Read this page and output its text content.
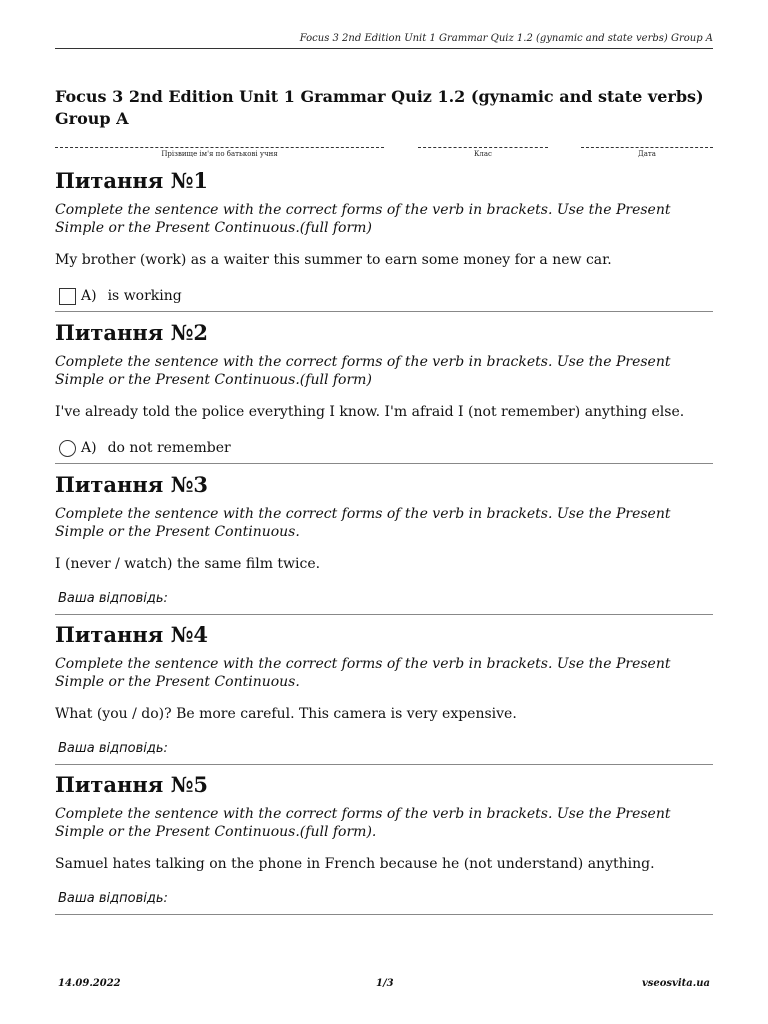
Focus 3 2nd Edition Unit 1 Grammar Quiz 1.2 (gynamic and state verbs) Group A
Focus 3 2nd Edition Unit 1 Grammar Quiz 1.2 (gynamic and state verbs) Group A
Прізвище ім'я по батькові учня	Клас	Дата
Питання №1

Complete the sentence with the correct forms of the verb in brackets. Use the Present Simple or the Present Continuous.(full form)

My brother (work) as a waiter this summer to earn some money for a new car.

A) is working
Питання №2

Complete the sentence with the correct forms of the verb in brackets. Use the Present Simple or the Present Continuous.(full form)

I've already told the police everything I know. I'm afraid I (not remember) anything else.

A) do not remember
Питання №3

Complete the sentence with the correct forms of the verb in brackets. Use the Present Simple or the Present Continuous.

I (never / watch) the same film twice.

Ваша відповідь:
Питання №4

Complete the sentence with the correct forms of the verb in brackets. Use the Present Simple or the Present Continuous.

What (you / do)? Be more careful. This camera is very expensive.

Ваша відповідь:
Питання №5

Complete the sentence with the correct forms of the verb in brackets. Use the Present Simple or the Present Continuous.(full form).

Samuel hates talking on the phone in French because he (not understand) anything.

Ваша відповідь:
14.09.2022	1/3	vseosvita.ua
